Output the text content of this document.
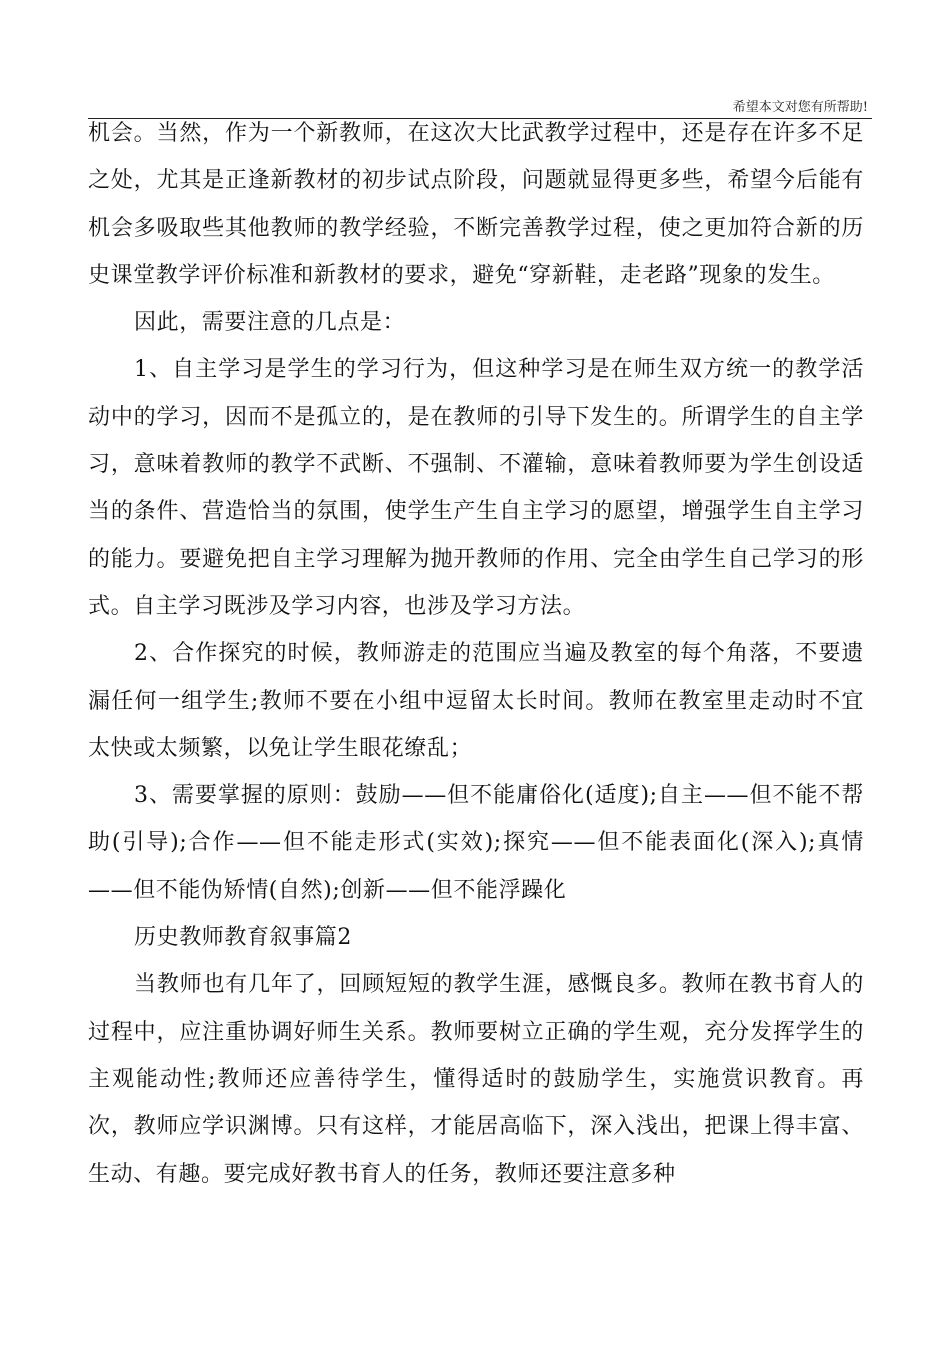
希望本文对您有所帮助!

机会。当然，作为一个新教师，在这次大比武教学过程中，还是存在许多不足之处，尤其是正逢新教材的初步试点阶段，问题就显得更多些，希望今后能有机会多吸取些其他教师的教学经验，不断完善教学过程，使之更加符合新的历史课堂教学评价标准和新教材的要求，避免“穿新鞋，走老路”现象的发生。

因此，需要注意的几点是：

1、自主学习是学生的学习行为，但这种学习是在师生双方统一的教学活动中的学习，因而不是孤立的，是在教师的引导下发生的。所谓学生的自主学习，意味着教师的教学不武断、不强制、不灌输，意味着教师要为学生创设适当的条件、营造恰当的氛围，使学生产生自主学习的愿望，增强学生自主学习的能力。要避免把自主学习理解为抛开教师的作用、完全由学生自己学习的形式。自主学习既涉及学习内容，也涉及学习方法。

2、合作探究的时候，教师游走的范围应当遍及教室的每个角落，不要遗漏任何一组学生;教师不要在小组中逗留太长时间。教师在教室里走动时不宜太快或太频繁，以免让学生眼花缭乱；

3、需要掌握的原则：鼓励——但不能庸俗化(适度);自主——但不能不帮助(引导);合作——但不能走形式(实效);探究——但不能表面化(深入);真情——但不能伪矫情(自然);创新——但不能浮躁化

历史教师教育叙事篇2

当教师也有几年了，回顾短短的教学生涯，感慨良多。教师在教书育人的过程中，应注重协调好师生关系。教师要树立正确的学生观，充分发挥学生的主观能动性;教师还应善待学生，懂得适时的鼓励学生，实施赏识教育。再次，教师应学识渊博。只有这样，才能居高临下，深入浅出，把课上得丰富、生动、有趣。要完成好教书育人的任务，教师还要注意多种
